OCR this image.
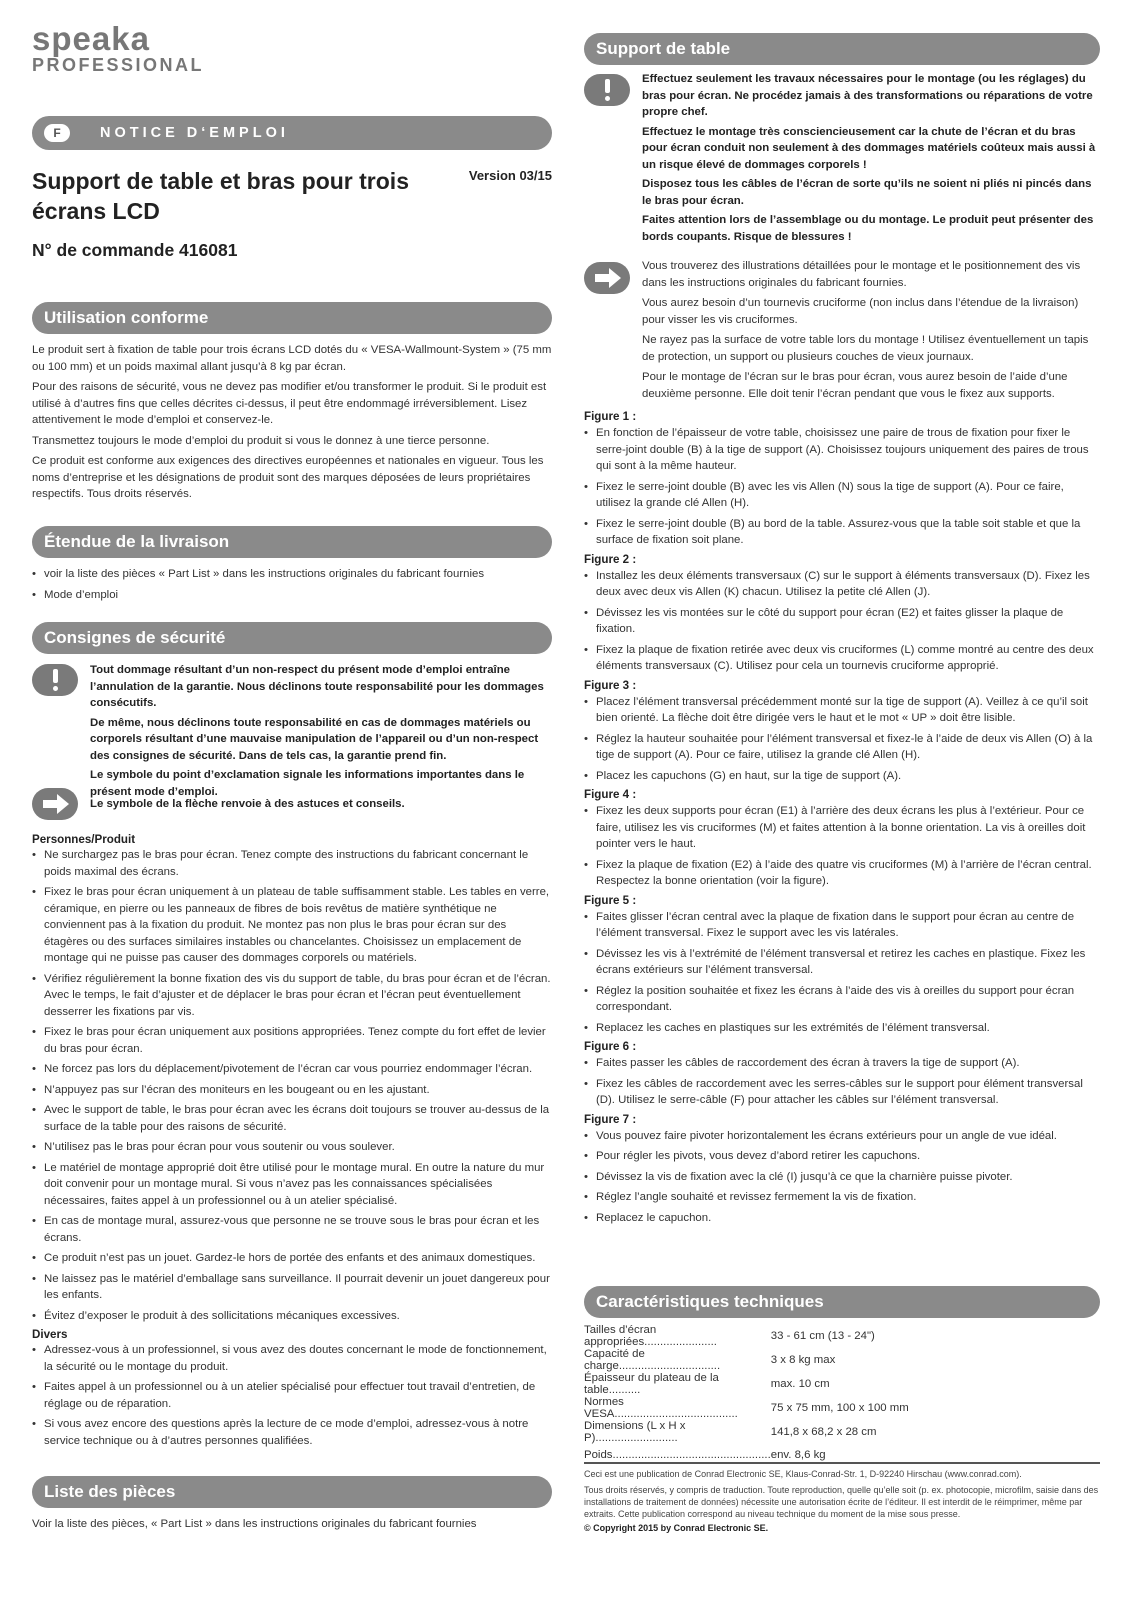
speaka
PROFESSIONAL
F	NOTICE D‘EMPLOI
Support de table et bras pour trois écrans LCD
Version 03/15
N° de commande 416081
Utilisation conforme

Le produit sert à fixation de table pour trois écrans LCD dotés du « VESA-Wallmount-System » (75 mm ou 100 mm) et un poids maximal allant jusqu’à 8 kg par écran.

Pour des raisons de sécurité, vous ne devez pas modifier et/ou transformer le produit. Si le produit est utilisé à d’autres fins que celles décrites ci-dessus, il peut être endommagé irréversiblement. Lisez attentivement le mode d’emploi et conservez-le.

Transmettez toujours le mode d’emploi du produit si vous le donnez à une tierce personne.

Ce produit est conforme aux exigences des directives européennes et nationales en vigueur. Tous les noms d’entreprise et les désignations de produit sont des marques déposées de leurs propriétaires respectifs. Tous droits réservés.

Étendue de la livraison
• voir la liste des pièces « Part List » dans les instructions originales du fabricant fournies
• Mode d’emploi
Consignes de sécurité

Tout dommage résultant d’un non-respect du présent mode d’emploi entraîne l’annulation de la garantie. Nous déclinons toute responsabilité pour les dommages consécutifs.

De même, nous déclinons toute responsabilité en cas de dommages matériels ou corporels résultant d’une mauvaise manipulation de l’appareil ou d’un non-respect des consignes de sécurité. Dans de tels cas, la garantie prend fin.

Le symbole du point d’exclamation signale les informations importantes dans le présent mode d’emploi.

Le symbole de la flèche renvoie à des astuces et conseils.

Personnes/Produit
• Ne surchargez pas le bras pour écran. Tenez compte des instructions du fabricant concernant le poids maximal des écrans.
• Fixez le bras pour écran uniquement à un plateau de table suffisamment stable. Les tables en verre, céramique, en pierre ou les panneaux de fibres de bois revêtus de matière synthétique ne conviennent pas à la fixation du produit. Ne montez pas non plus le bras pour écran sur des étagères ou des surfaces similaires instables ou chancelantes. Choisissez un emplacement de montage qui ne puisse pas causer des dommages corporels ou matériels.
• Vérifiez régulièrement la bonne fixation des vis du support de table, du bras pour écran et de l’écran. Avec le temps, le fait d’ajuster et de déplacer le bras pour écran et l’écran peut éventuellement desserrer les fixations par vis.
• Fixez le bras pour écran uniquement aux positions appropriées. Tenez compte du fort effet de levier du bras pour écran.
• Ne forcez pas lors du déplacement/pivotement de l’écran car vous pourriez endommager l’écran.
• N’appuyez pas sur l’écran des moniteurs en les bougeant ou en les ajustant.
• Avec le support de table, le bras pour écran avec les écrans doit toujours se trouver au-dessus de la surface de la table pour des raisons de sécurité.
• N’utilisez pas le bras pour écran pour vous soutenir ou vous soulever.
• Le matériel de montage approprié doit être utilisé pour le montage mural. En outre la nature du mur doit convenir pour un montage mural. Si vous n’avez pas les connaissances spécialisées nécessaires, faites appel à un professionnel ou à un atelier spécialisé.
• En cas de montage mural, assurez-vous que personne ne se trouve sous le bras pour écran et les écrans.
• Ce produit n’est pas un jouet. Gardez-le hors de portée des enfants et des animaux domestiques.
• Ne laissez pas le matériel d’emballage sans surveillance. Il pourrait devenir un jouet dangereux pour les enfants.
• Évitez d’exposer le produit à des sollicitations mécaniques excessives.
Divers
• Adressez-vous à un professionnel, si vous avez des doutes concernant le mode de fonctionnement, la sécurité ou le montage du produit.
• Faites appel à un professionnel ou à un atelier spécialisé pour effectuer tout travail d’entretien, de réglage ou de réparation.
• Si vous avez encore des questions après la lecture de ce mode d’emploi, adressez-vous à notre service technique ou à d’autres personnes qualifiées.
Liste des pièces

Voir la liste des pièces, « Part List » dans les instructions originales du fabricant fournies

Support de table

Effectuez seulement les travaux nécessaires pour le montage (ou les réglages) du bras pour écran. Ne procédez jamais à des transformations ou réparations de votre propre chef.

Effectuez le montage très consciencieusement car la chute de l’écran et du bras pour écran conduit non seulement à des dommages matériels coûteux mais aussi à un risque élevé de dommages corporels !

Disposez tous les câbles de l’écran de sorte qu’ils ne soient ni pliés ni pincés dans le bras pour écran.

Faites attention lors de l’assemblage ou du montage. Le produit peut présenter des bords coupants. Risque de blessures !

Vous trouverez des illustrations détaillées pour le montage et le positionnement des vis dans les instructions originales du fabricant fournies.

Vous aurez besoin d’un tournevis cruciforme (non inclus dans l’étendue de la livraison) pour visser les vis cruciformes.

Ne rayez pas la surface de votre table lors du montage ! Utilisez éventuellement un tapis de protection, un support ou plusieurs couches de vieux journaux.

Pour le montage de l’écran sur le bras pour écran, vous aurez besoin de l’aide d’une deuxième personne. Elle doit tenir l’écran pendant que vous le fixez aux supports.

Figure 1 :
• En fonction de l’épaisseur de votre table, choisissez une paire de trous de fixation pour fixer le serre-joint double (B) à la tige de support (A). Choisissez toujours uniquement des paires de trous qui sont à la même hauteur.
• Fixez le serre-joint double (B) avec les vis Allen (N) sous la tige de support (A). Pour ce faire, utilisez la grande clé Allen (H).
• Fixez le serre-joint double (B) au bord de la table. Assurez-vous que la table soit stable et que la surface de fixation soit plane.
Figure 2 :
• Installez les deux éléments transversaux (C) sur le support à éléments transversaux (D). Fixez les deux avec deux vis Allen (K) chacun. Utilisez la petite clé Allen (J).
• Dévissez les vis montées sur le côté du support pour écran (E2) et faites glisser la plaque de fixation.
• Fixez la plaque de fixation retirée avec deux vis cruciformes (L) comme montré au centre des deux éléments transversaux (C). Utilisez pour cela un tournevis cruciforme approprié.
Figure 3 :
• Placez l’élément transversal précédemment monté sur la tige de support (A). Veillez à ce qu’il soit bien orienté. La flèche doit être dirigée vers le haut et le mot « UP » doit être lisible.
• Réglez la hauteur souhaitée pour l’élément transversal et fixez-le à l’aide de deux vis Allen (O) à la tige de support (A). Pour ce faire, utilisez la grande clé Allen (H).
• Placez les capuchons (G) en haut, sur la tige de support (A).
Figure 4 :
• Fixez les deux supports pour écran (E1) à l’arrière des deux écrans les plus à l’extérieur. Pour ce faire, utilisez les vis cruciformes (M) et faites attention à la bonne orientation. La vis à oreilles doit pointer vers le haut.
• Fixez la plaque de fixation (E2) à l’aide des quatre vis cruciformes (M) à l’arrière de l’écran central. Respectez la bonne orientation (voir la figure).
Figure 5 :
• Faites glisser l’écran central avec la plaque de fixation dans le support pour écran au centre de l’élément transversal. Fixez le support avec les vis latérales.
• Dévissez les vis à l’extrémité de l’élément transversal et retirez les caches en plastique. Fixez les écrans extérieurs sur l’élément transversal.
• Réglez la position souhaitée et fixez les écrans à l’aide des vis à oreilles du support pour écran correspondant.
• Replacez les caches en plastiques sur les extrémités de l’élément transversal.
Figure 6 :
• Faites passer les câbles de raccordement des écran à travers la tige de support (A).
• Fixez les câbles de raccordement avec les serres-câbles sur le support pour élément transversal (D). Utilisez le serre-câble (F) pour attacher les câbles sur l’élément transversal.
Figure 7 :
• Vous pouvez faire pivoter horizontalement les écrans extérieurs pour un angle de vue idéal.
• Pour régler les pivots, vous devez d’abord retirer les capuchons.
• Dévissez la vis de fixation avec la clé (I) jusqu’à ce que la charnière puisse pivoter.
• Réglez l’angle souhaité et revissez fermement la vis de fixation.
• Replacez le capuchon.
Caractéristiques techniques
Tailles d’écran appropriées.......................	33 - 61 cm (13 - 24")
Capacité de charge................................	3 x 8 kg max
Épaisseur du plateau de la table..........	max. 10 cm
Normes VESA.......................................	75 x 75 mm, 100 x 100 mm
Dimensions (L x H x P)..........................	141,8 x 68,2 x 28 cm
Poids..................................................	env. 8,6 kg

Ceci est une publication de Conrad Electronic SE, Klaus-Conrad-Str. 1, D-92240 Hirschau (www.conrad.com).

Tous droits réservés, y compris de traduction. Toute reproduction, quelle qu’elle soit (p. ex. photocopie, microfilm, saisie dans des installations de traitement de données) nécessite une autorisation écrite de l’éditeur. Il est interdit de le réimprimer, même par extraits. Cette publication correspond au niveau technique du moment de la mise sous presse.

© Copyright 2015 by Conrad Electronic SE.
